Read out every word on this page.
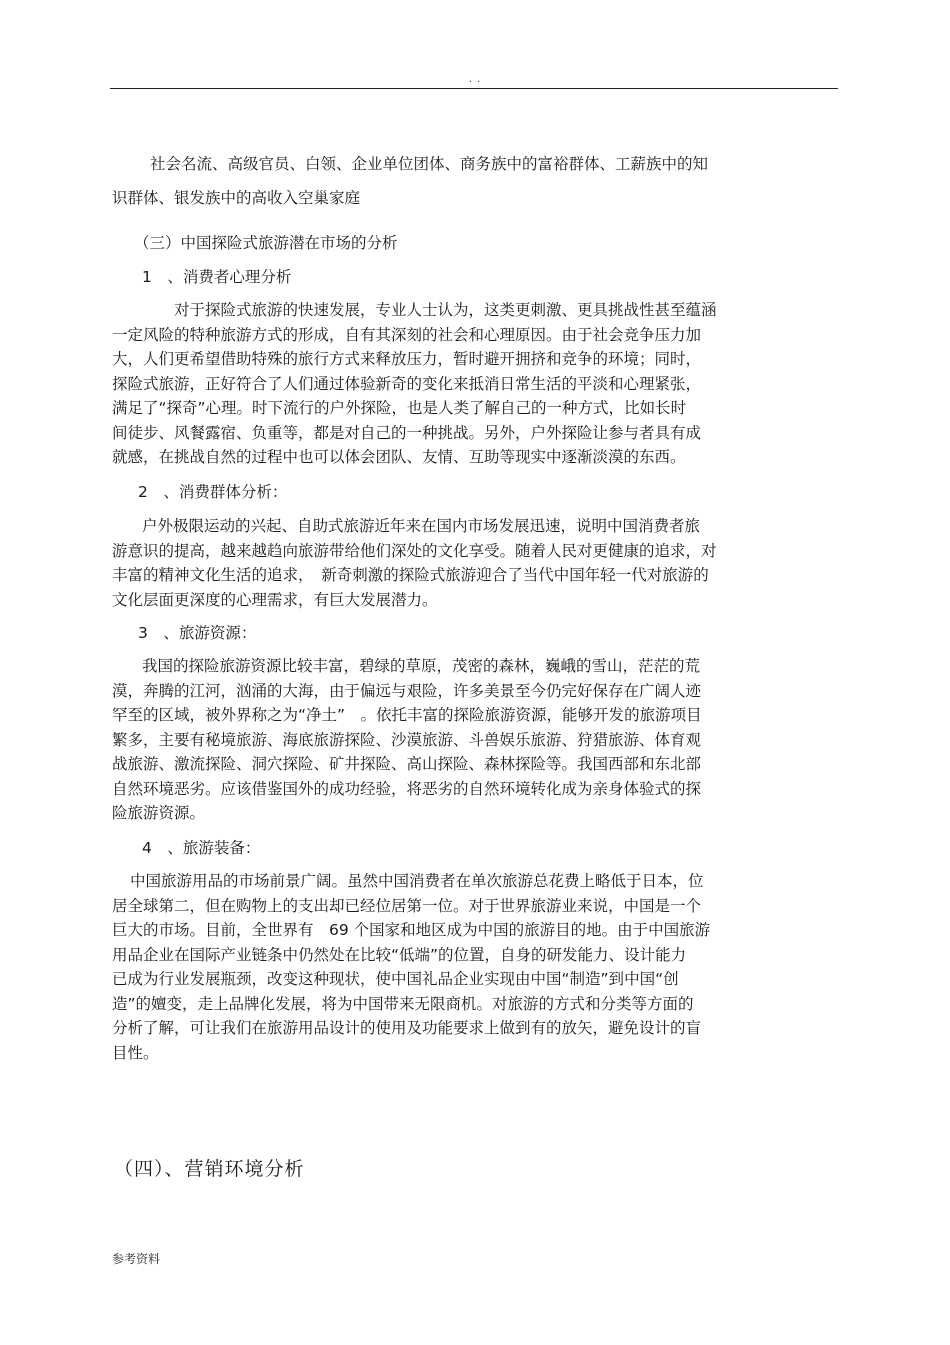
. .
社会名流、高级官员、白领、企业单位团体、商务族中的富裕群体、工薪族中的知
识群体、银发族中的高收入空巢家庭
（三）中国探险式旅游潜在市场的分析
1　、消费者心理分析
对于探险式旅游的快速发展，专业人士认为，这类更刺激、更具挑战性甚至蕴涵
一定风险的特种旅游方式的形成，自有其深刻的社会和心理原因。由于社会竞争压力加
大，人们更希望借助特殊的旅行方式来释放压力，暂时避开拥挤和竞争的环境；同时，
探险式旅游，正好符合了人们通过体验新奇的变化来抵消日常生活的平淡和心理紧张，
满足了“探奇”心理。时下流行的户外探险，也是人类了解自己的一种方式，比如长时
间徒步、风餐露宿、负重等，都是对自己的一种挑战。另外，户外探险让参与者具有成
就感，在挑战自然的过程中也可以体会团队、友情、互助等现实中逐渐淡漠的东西。
2　、消费群体分析：
户外极限运动的兴起、自助式旅游近年来在国内市场发展迅速，说明中国消费者旅
游意识的提高，越来越趋向旅游带给他们深处的文化享受。随着人民对更健康的追求，对
丰富的精神文化生活的追求，　新奇刺激的探险式旅游迎合了当代中国年轻一代对旅游的
文化层面更深度的心理需求，有巨大发展潜力。
3　、旅游资源：
我国的探险旅游资源比较丰富，碧绿的草原，茂密的森林，巍峨的雪山，茫茫的荒
漠，奔腾的江河，汹涌的大海，由于偏远与艰险，许多美景至今仍完好保存在广阔人迹
罕至的区域，被外界称之为“净土”　。依托丰富的探险旅游资源，能够开发的旅游项目
繁多，主要有秘境旅游、海底旅游探险、沙漠旅游、斗兽娱乐旅游、狩猎旅游、体育观
战旅游、激流探险、洞穴探险、矿井探险、高山探险、森林探险等。我国西部和东北部
自然环境恶劣。应该借鉴国外的成功经验，将恶劣的自然环境转化成为亲身体验式的探
险旅游资源。
4　、旅游装备：
中国旅游用品的市场前景广阔。虽然中国消费者在单次旅游总花费上略低于日本，位
居全球第二，但在购物上的支出却已经位居第一位。对于世界旅游业来说，中国是一个
巨大的市场。目前，全世界有　69 个国家和地区成为中国的旅游目的地。由于中国旅游
用品企业在国际产业链条中仍然处在比较“低端”的位置，自身的研发能力、设计能力
已成为行业发展瓶颈，改变这种现状，使中国礼品企业实现由中国“制造”到中国“创
造”的嬗变，走上品牌化发展，将为中国带来无限商机。对旅游的方式和分类等方面的
分析了解，可让我们在旅游用品设计的使用及功能要求上做到有的放矢，避免设计的盲
目性。
（四）、营销环境分析
参考资料
